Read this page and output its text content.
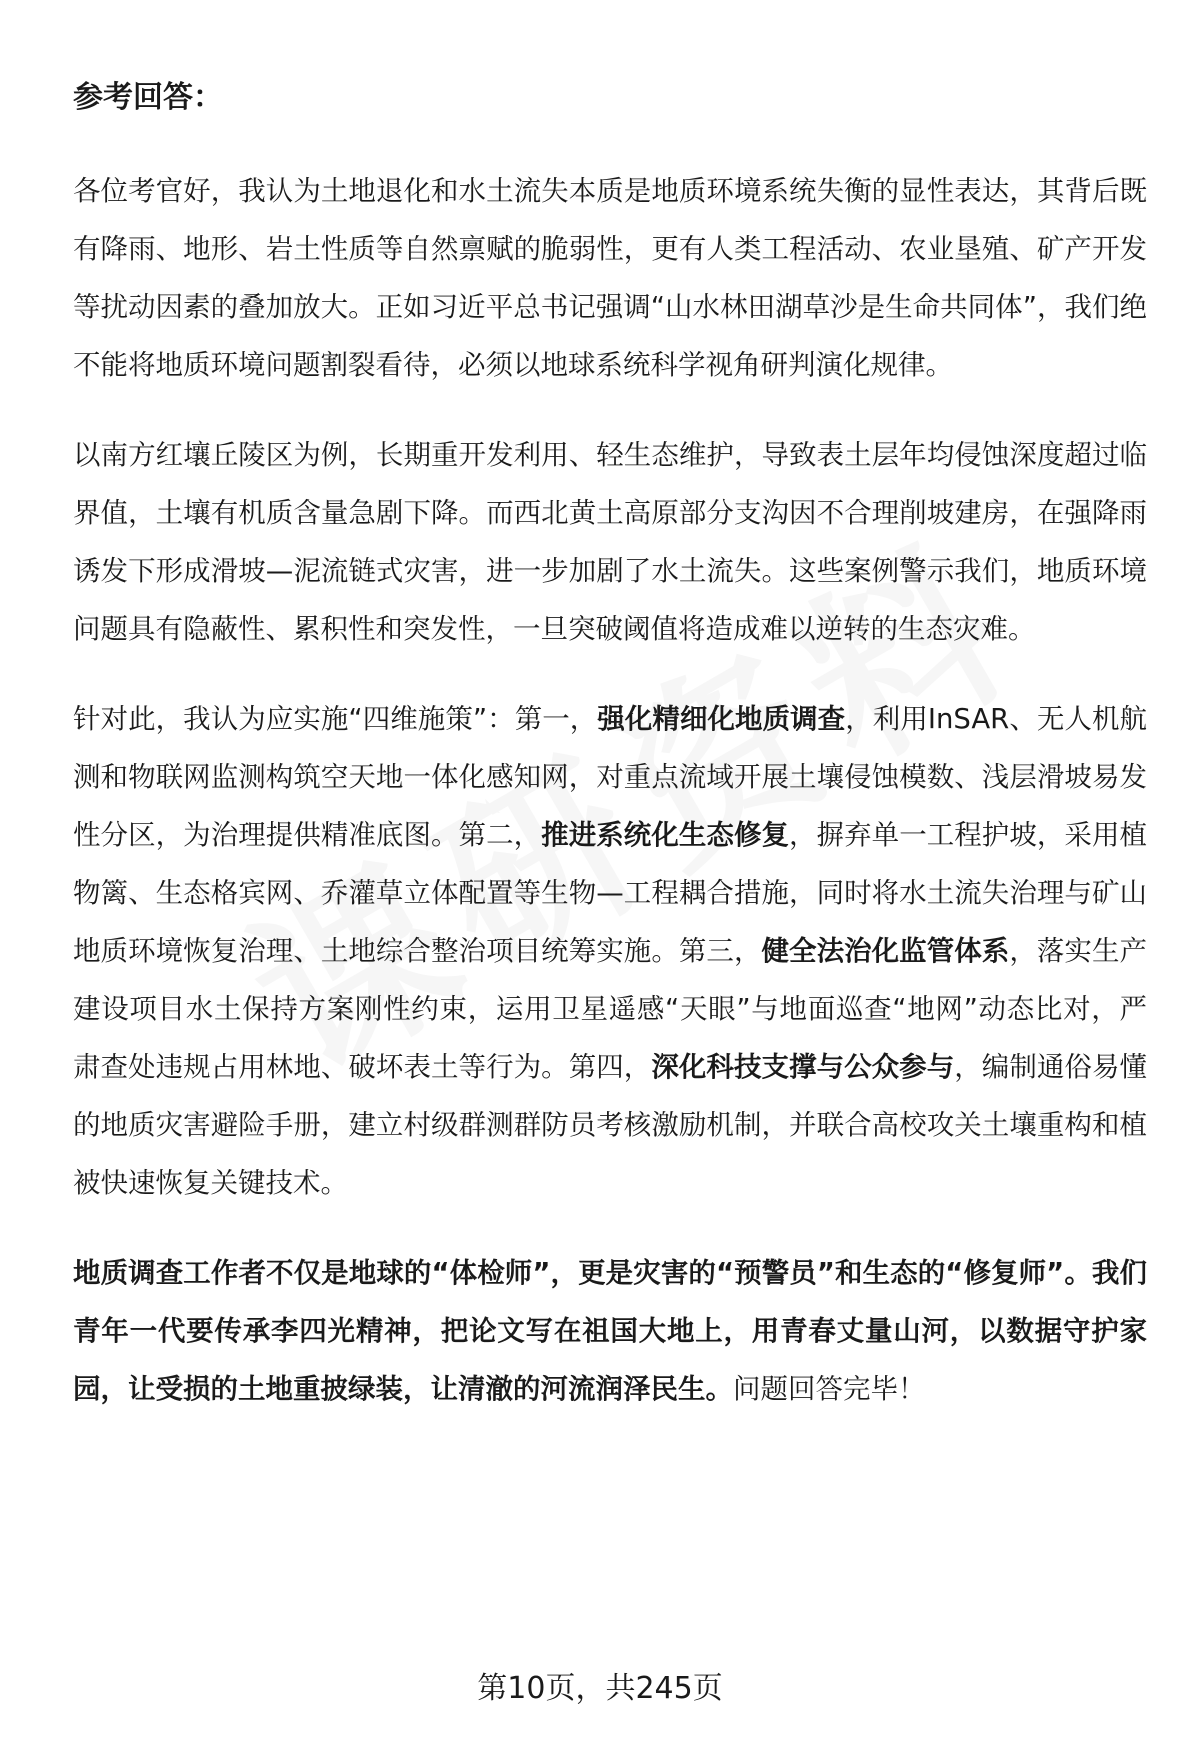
参考回答：

各位考官好，我认为土地退化和水土流失本质是地质环境系统失衡的显性表达，其背后既有降雨、地形、岩土性质等自然禀赋的脆弱性，更有人类工程活动、农业垦殖、矿产开发等扰动因素的叠加放大。正如习近平总书记强调“山水林田湖草沙是生命共同体”，我们绝不能将地质环境问题割裂看待，必须以地球系统科学视角研判演化规律。

以南方红壤丘陵区为例，长期重开发利用、轻生态维护，导致表土层年均侵蚀深度超过临界值，土壤有机质含量急剧下降。而西北黄土高原部分支沟因不合理削坡建房，在强降雨诱发下形成滑坡—泥流链式灾害，进一步加剧了水土流失。这些案例警示我们，地质环境问题具有隐蔽性、累积性和突发性，一旦突破阈值将造成难以逆转的生态灾难。

针对此，我认为应实施“四维施策”：第一，强化精细化地质调查，利用InSAR、无人机航测和物联网监测构筑空天地一体化感知网，对重点流域开展土壤侵蚀模数、浅层滑坡易发性分区，为治理提供精准底图。第二，推进系统化生态修复，摒弃单一工程护坡，采用植物篱、生态格宾网、乔灌草立体配置等生物—工程耦合措施，同时将水土流失治理与矿山地质环境恢复治理、土地综合整治项目统筹实施。第三，健全法治化监管体系，落实生产建设项目水土保持方案刚性约束，运用卫星遥感“天眼”与地面巡查“地网”动态比对，严肃查处违规占用林地、破坏表土等行为。第四，深化科技支撑与公众参与，编制通俗易懂的地质灾害避险手册，建立村级群测群防员考核激励机制，并联合高校攻关土壤重构和植被快速恢复关键技术。

地质调查工作者不仅是地球的“体检师”，更是灾害的“预警员”和生态的“修复师”。我们青年一代要传承李四光精神，把论文写在祖国大地上，用青春丈量山河，以数据守护家园，让受损的土地重披绿装，让清澈的河流润泽民生。问题回答完毕！

第10页，共245页
